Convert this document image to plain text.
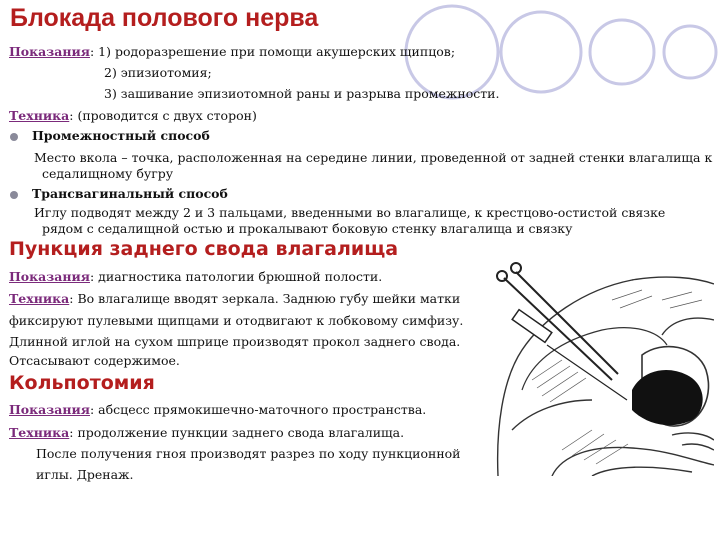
Блокада полового нерва
Показания: 1) родоразрешение при помощи акушерских щипцов;
2) эпизиотомия;
3) зашивание эпизиотомной раны и разрыва промежности.
Техника: (проводится с двух сторон)
Промежностный способ
Место вкола – точка, расположенная на середине линии, проведенной от задней стенки влагалища к
седалищному бугру
Трансвагинальный способ
Иглу подводят между 2 и 3 пальцами, введенными во влагалище, к крестцово-остистой связке
рядом с седалищной остью и прокалывают боковую стенку влагалища и связку
Пункция заднего свода влагалища
Показания: диагностика патологии брюшной полости.
Техника: Во влагалище вводят зеркала. Заднюю губу шейки матки
фиксируют пулевыми щипцами и отодвигают к лобковому симфизу.
Длинной иглой на сухом шприце производят прокол заднего свода.
Отсасывают содержимое.
Кольпотомия
Показания: абсцесс прямокишечно-маточного пространства.
Техника: продолжение пункции заднего свода влагалища.
После получения гноя производят разрез по ходу пункционной
иглы. Дренаж.
